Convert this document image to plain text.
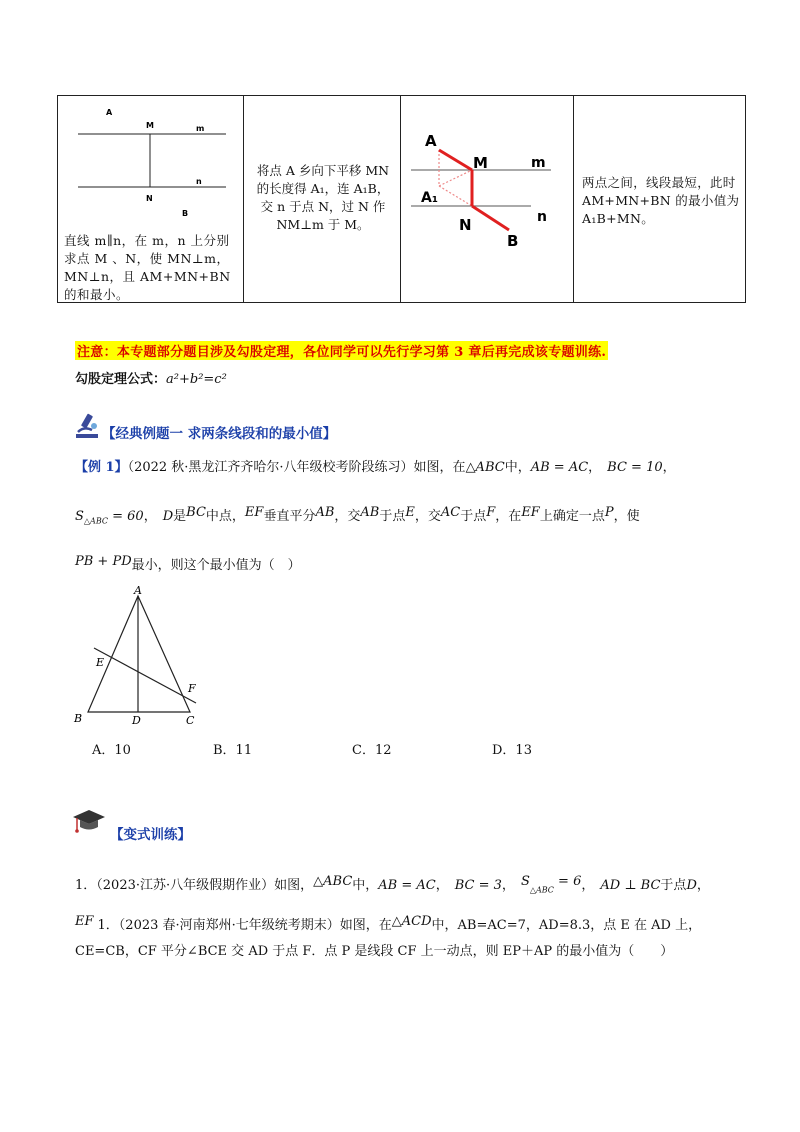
A
M	m
n
N
B
直线 m∥n，在 m，n 上分别求点 M 、N，使 MN⊥m，MN⊥n，且 AM+MN+BN 的和最小。

将点 A 乡向下平移 MN 的长度得 A₁，连 A₁B，交 n 于点 N，过 N 作 NM⊥m 于 M。

A
M	m
A₁
N	n
B

两点之间，线段最短，此时 AM+MN+BN 的最小值为 A₁B+MN。
注意：本专题部分题目涉及勾股定理，各位同学可以先行学习第 3 章后再完成该专题训练.
勾股定理公式：a²+b²=c²
【经典例题一 求两条线段和的最小值】
【例 1】（2022 秋·黑龙江齐齐哈尔·八年级校考阶段练习）如图，在△ABC中，AB = AC， BC = 10，
$S_{\triangle ABC} = 60$， D是BC中点，EF垂直平分AB，交AB于点E，交AC于点F，在EF上确定一点P，使
PB + PD最小，则这个最小值为（　）
A
E
F
B	D	C
A．10	B．11	C．12	D．13
【变式训练】
1．（2023·江苏·八年级假期作业）如图，△ABC中，AB = AC， BC = 3， $S_{\triangle ABC} = 6$， AD ⊥ BC于点D，
EF 1．（2023 春·河南郑州·七年级统考期末）如图，在△ACD中，AB=AC=7，AD=8.3，点 E 在 AD 上，
CE=CB，CF 平分∠BCE 交 AD 于点 F．点 P 是线段 CF 上一动点，则 EP＋AP 的最小值为（　　）
